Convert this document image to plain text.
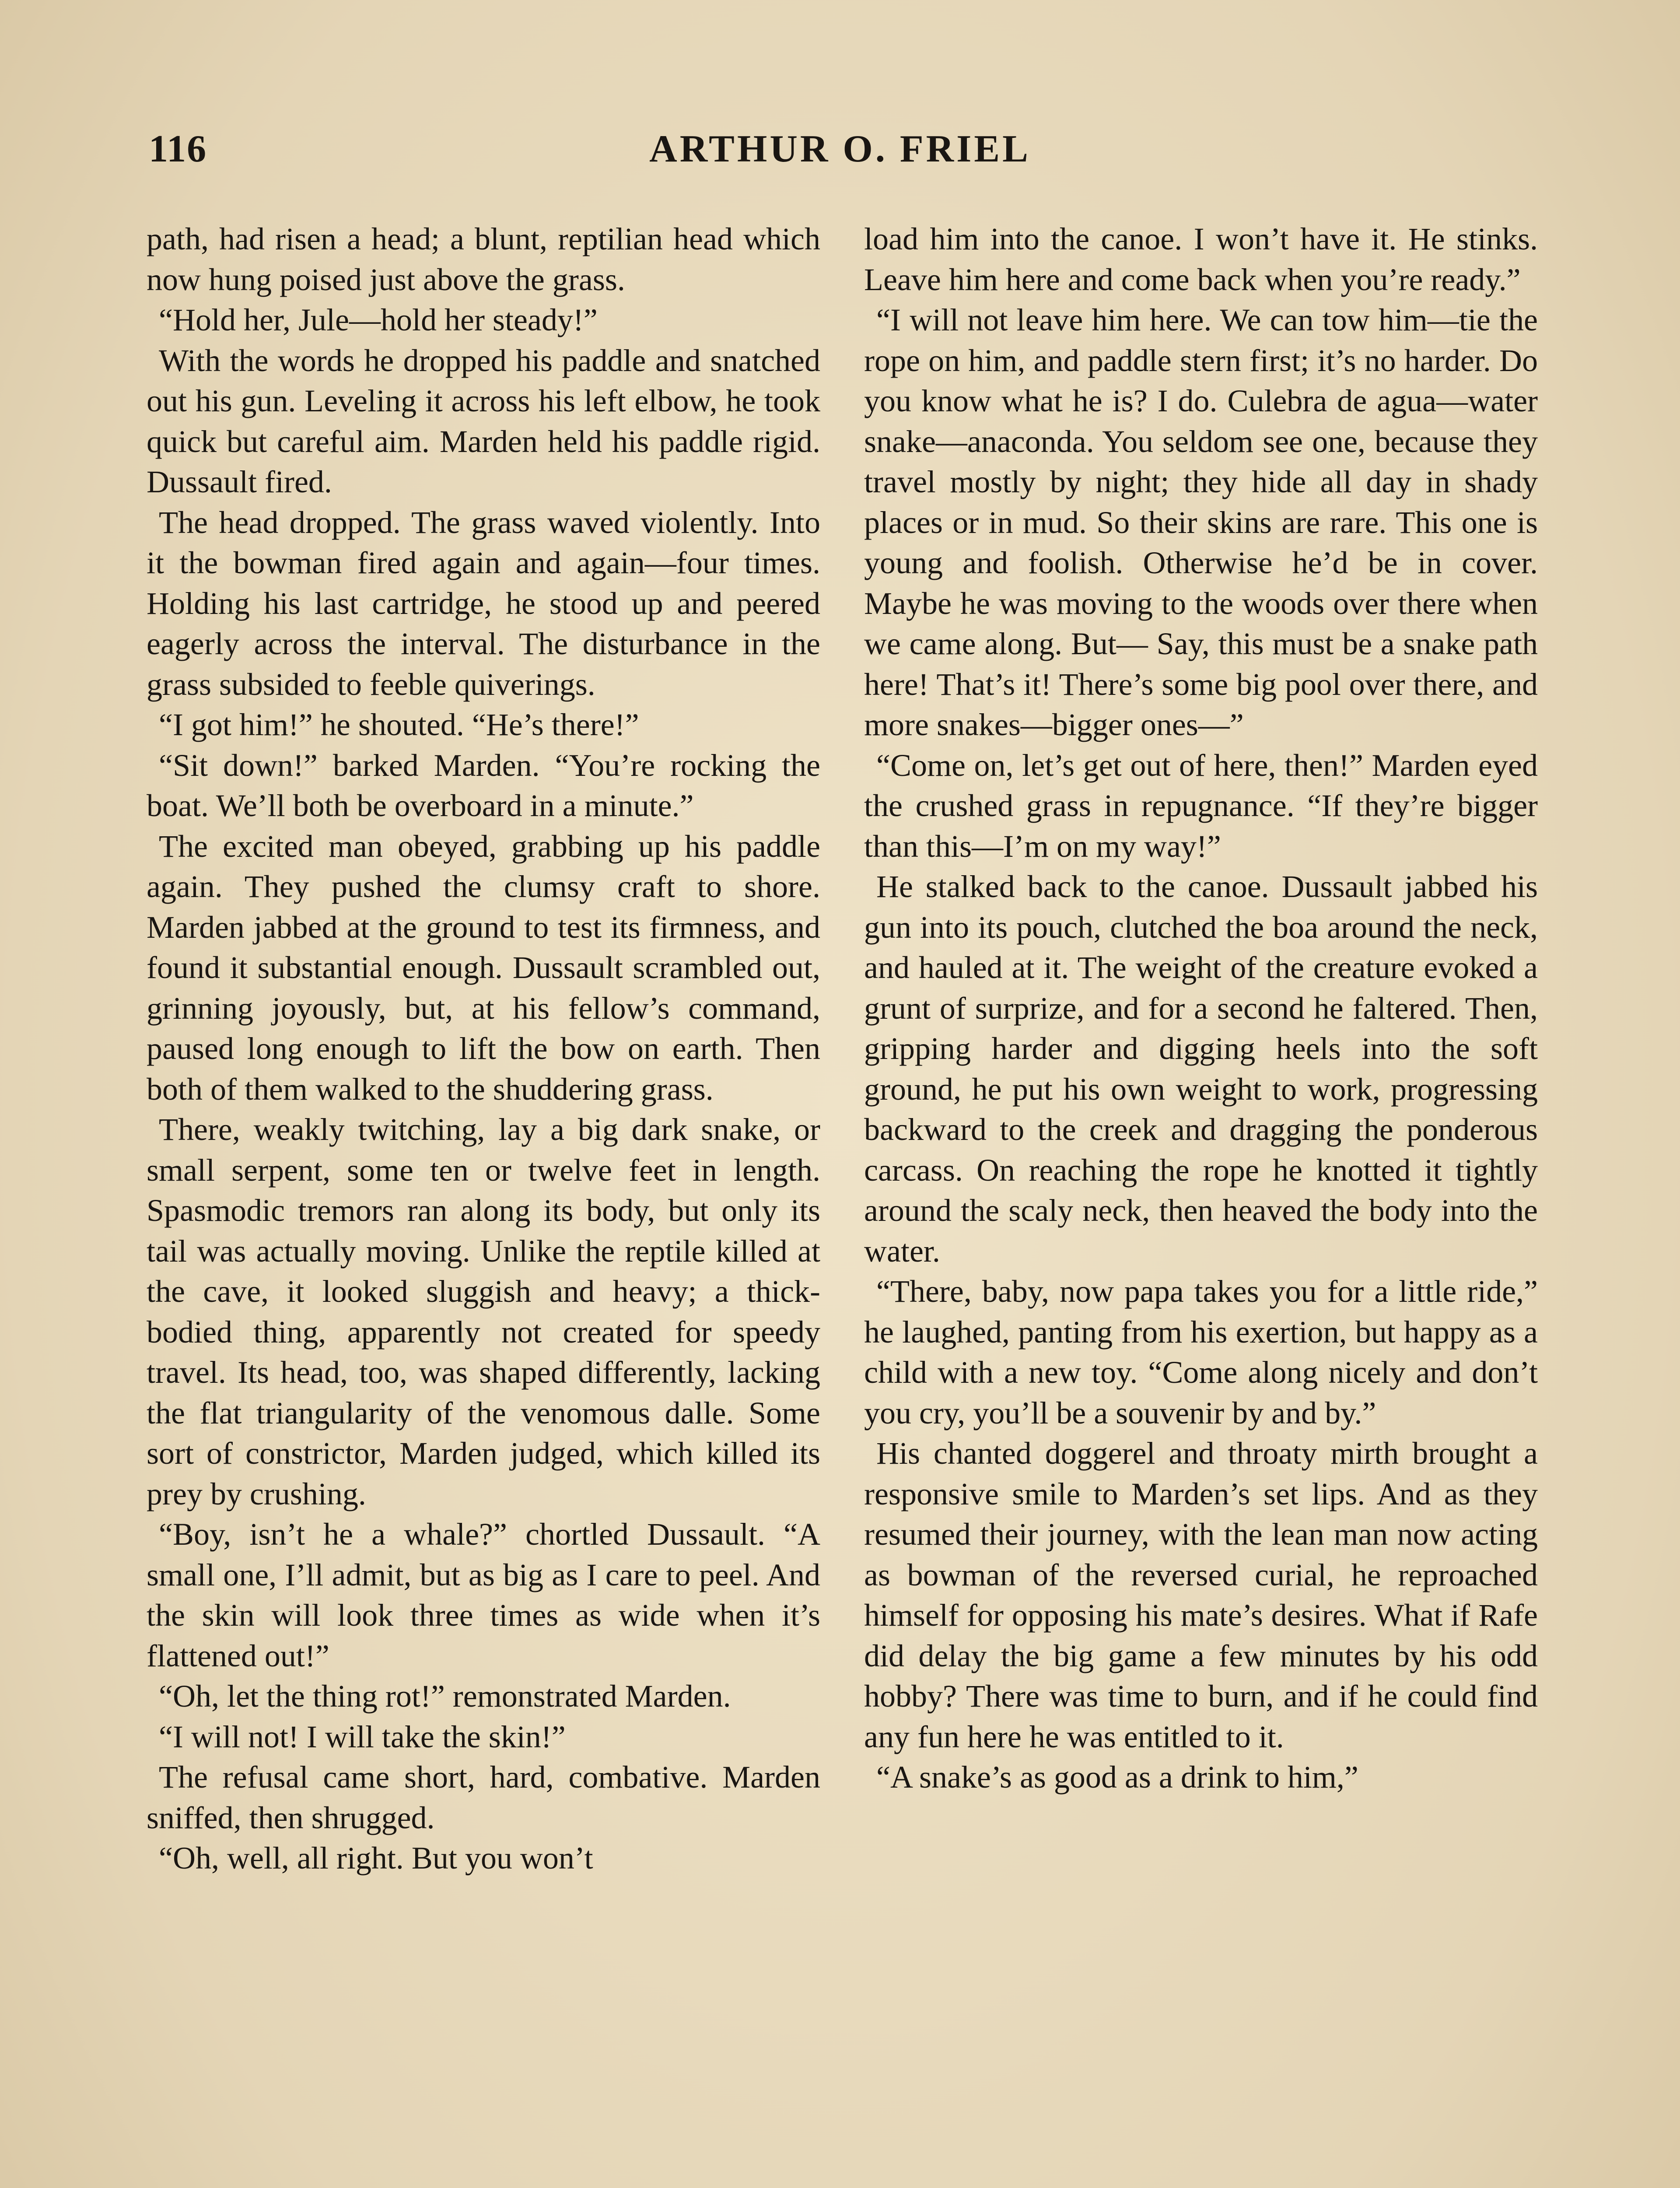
116	ARTHUR O. FRIEL

path, had risen a head; a blunt, reptilian head which now hung poised just above the grass.

“Hold her, Jule—hold her steady!”

With the words he dropped his paddle and snatched out his gun. Leveling it across his left elbow, he took quick but careful aim. Marden held his paddle rigid. Dussault fired.

The head dropped. The grass waved violently. Into it the bowman fired again and again—four times. Holding his last cartridge, he stood up and peered eagerly across the interval. The disturbance in the grass subsided to feeble quiverings.

“I got him!” he shouted. “He’s there!”

“Sit down!” barked Marden. “You’re rocking the boat. We’ll both be overboard in a minute.”

The excited man obeyed, grabbing up his paddle again. They pushed the clumsy craft to shore. Marden jabbed at the ground to test its firmness, and found it substantial enough. Dussault scrambled out, grinning joyously, but, at his fellow’s command, paused long enough to lift the bow on earth. Then both of them walked to the shuddering grass.

There, weakly twitching, lay a big dark snake, or small serpent, some ten or twelve feet in length. Spasmodic tremors ran along its body, but only its tail was actually moving. Unlike the reptile killed at the cave, it looked sluggish and heavy; a thick-bodied thing, apparently not created for speedy travel. Its head, too, was shaped differently, lacking the flat triangularity of the venomous dalle. Some sort of constrictor, Marden judged, which killed its prey by crushing.

“Boy, isn’t he a whale?” chortled Dussault. “A small one, I’ll admit, but as big as I care to peel. And the skin will look three times as wide when it’s flattened out!”

“Oh, let the thing rot!” remonstrated Marden.

“I will not! I will take the skin!”

The refusal came short, hard, combative. Marden sniffed, then shrugged.

“Oh, well, all right. But you won’t

load him into the canoe. I won’t have it. He stinks. Leave him here and come back when you’re ready.”

“I will not leave him here. We can tow him—tie the rope on him, and paddle stern first; it’s no harder. Do you know what he is? I do. Culebra de agua—water snake—anaconda. You seldom see one, because they travel mostly by night; they hide all day in shady places or in mud. So their skins are rare. This one is young and foolish. Otherwise he’d be in cover. Maybe he was moving to the woods over there when we came along. But— Say, this must be a snake path here! That’s it! There’s some big pool over there, and more snakes—bigger ones—”

“Come on, let’s get out of here, then!” Marden eyed the crushed grass in repugnance. “If they’re bigger than this—I’m on my way!”

He stalked back to the canoe. Dussault jabbed his gun into its pouch, clutched the boa around the neck, and hauled at it. The weight of the creature evoked a grunt of surprize, and for a second he faltered. Then, gripping harder and digging heels into the soft ground, he put his own weight to work, progressing backward to the creek and dragging the ponderous carcass. On reaching the rope he knotted it tightly around the scaly neck, then heaved the body into the water.

“There, baby, now papa takes you for a little ride,” he laughed, panting from his exertion, but happy as a child with a new toy. “Come along nicely and don’t you cry, you’ll be a souvenir by and by.”

His chanted doggerel and throaty mirth brought a responsive smile to Marden’s set lips. And as they resumed their journey, with the lean man now acting as bowman of the reversed curial, he reproached himself for opposing his mate’s desires. What if Rafe did delay the big game a few minutes by his odd hobby? There was time to burn, and if he could find any fun here he was entitled to it.

“A snake’s as good as a drink to him,”
